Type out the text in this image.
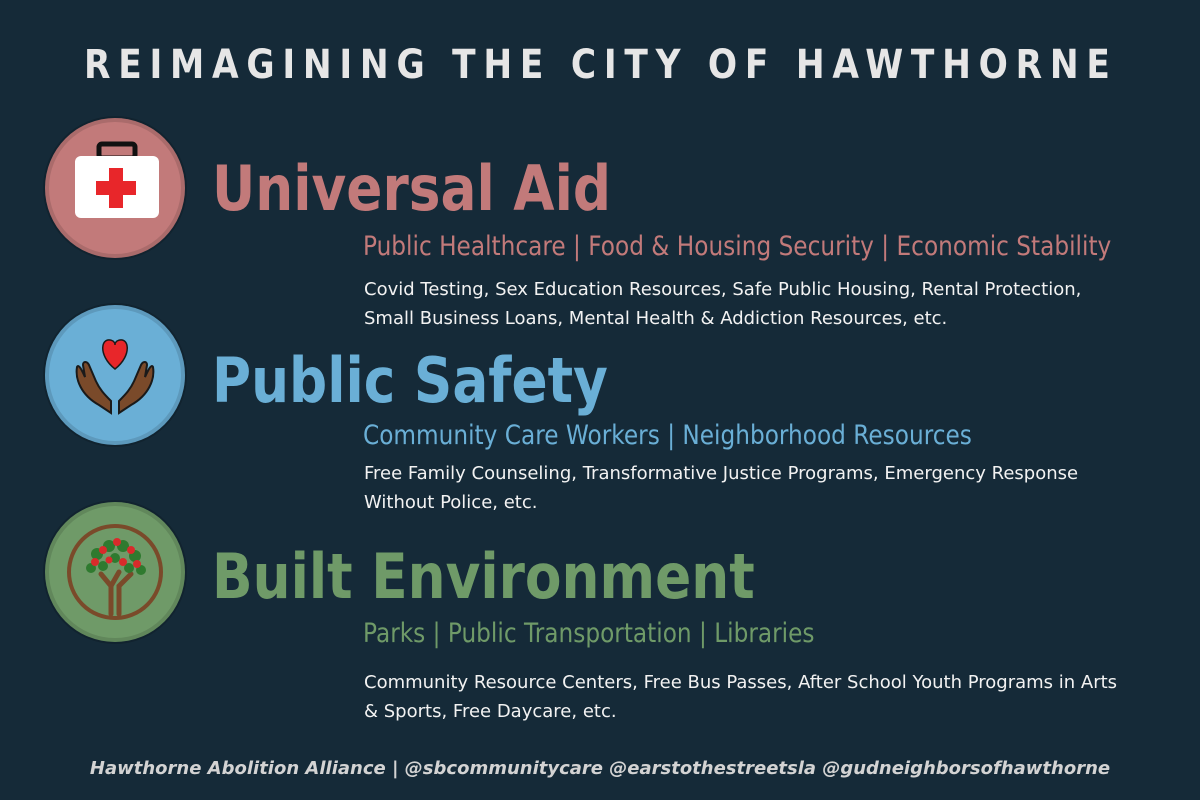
REIMAGINING THE CITY OF HAWTHORNE
Universal Aid
Public Healthcare | Food & Housing Security | Economic Stability
Covid Testing, Sex Education Resources, Safe Public Housing, Rental Protection, Small Business Loans, Mental Health & Addiction Resources, etc.
Public Safety
Community Care Workers | Neighborhood Resources
Free Family Counseling, Transformative Justice Programs, Emergency Response Without Police, etc.
Built Environment
Parks | Public Transportation | Libraries
Community Resource Centers, Free Bus Passes, After School Youth Programs in Arts & Sports, Free Daycare, etc.
Hawthorne Abolition Alliance | @sbcommunitycare @earstothestreetsla @gudneighborsofhawthorne
